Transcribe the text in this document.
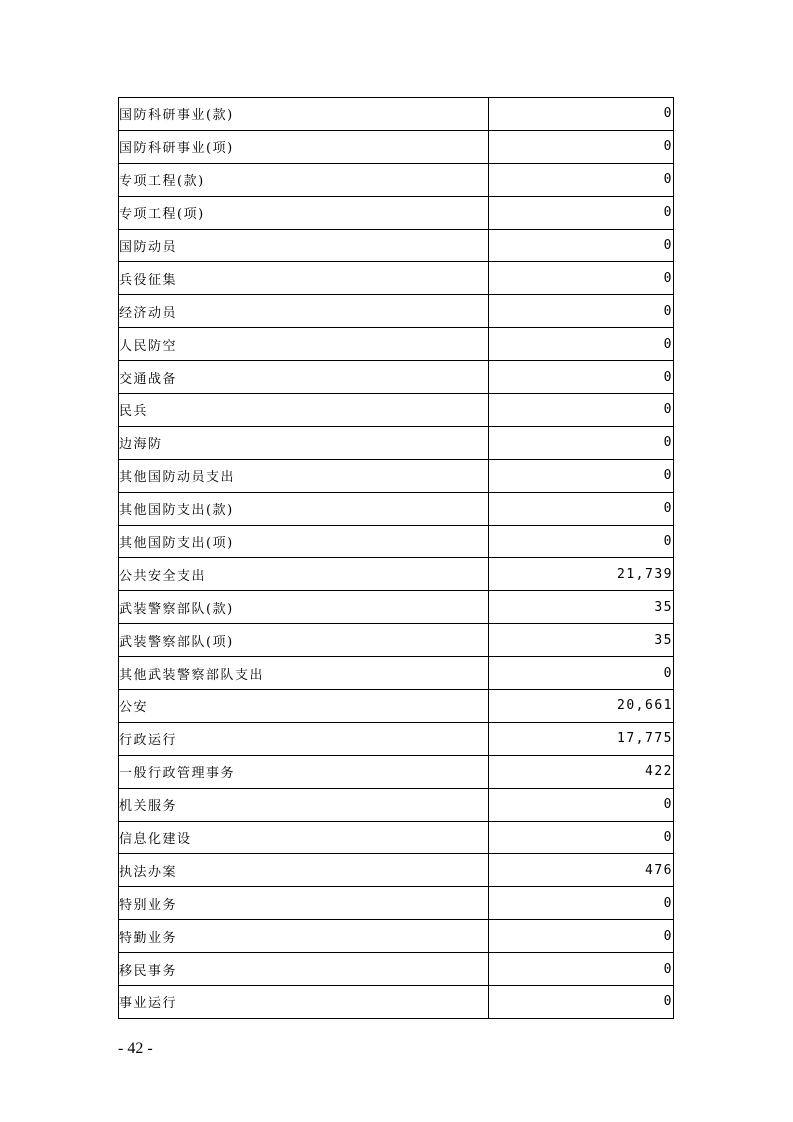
国防科研事业(款)	0
国防科研事业(项)	0
专项工程(款)	0
专项工程(项)	0
国防动员	0
兵役征集	0
经济动员	0
人民防空	0
交通战备	0
民兵	0
边海防	0
其他国防动员支出	0
其他国防支出(款)	0
其他国防支出(项)	0
公共安全支出	21,739
武装警察部队(款)	35
武装警察部队(项)	35
其他武装警察部队支出	0
公安	20,661
行政运行	17,775
一般行政管理事务	422
机关服务	0
信息化建设	0
执法办案	476
特别业务	0
特勤业务	0
移民事务	0
事业运行	0
- 42 -
